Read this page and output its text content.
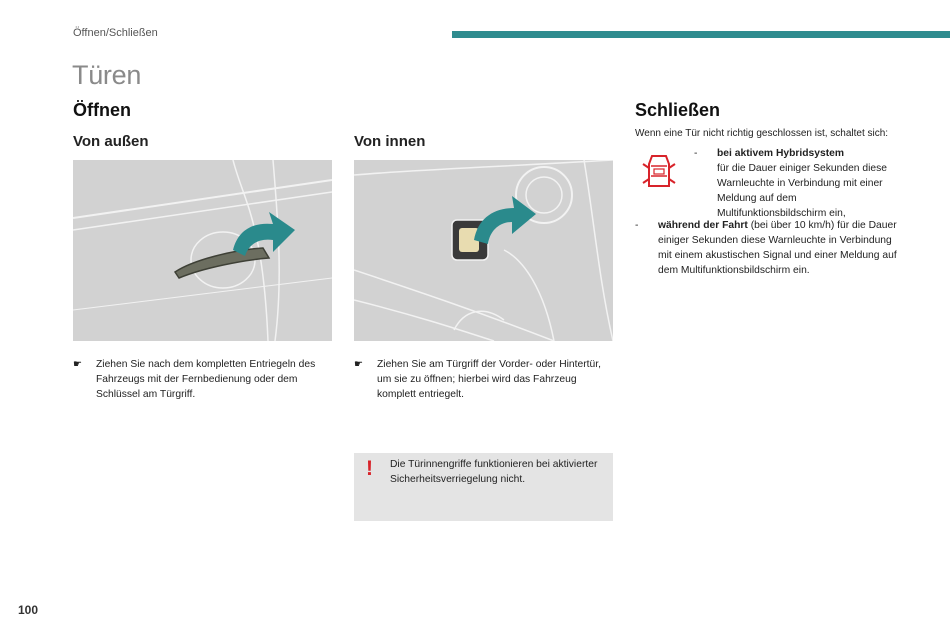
Öffnen/Schließen
Türen
Öffnen
Von außen	Von innen
☛	Ziehen Sie nach dem kompletten Entriegeln des Fahrzeugs mit der Fernbedienung oder dem Schlüssel am Türgriff.
☛	Ziehen Sie am Türgriff der Vorder- oder Hintertür, um sie zu öffnen; hierbei wird das Fahrzeug komplett entriegelt.
! Die Türinnengriffe funktionieren bei aktivierter Sicherheitsverriegelung nicht.
Schließen
Wenn eine Tür nicht richtig geschlossen ist, schaltet sich:
-	bei aktivem Hybridsystem
für die Dauer einiger Sekunden diese Warnleuchte in Verbindung mit einer Meldung auf dem Multifunktionsbildschirm ein,
-	während der Fahrt (bei über 10 km/h) für die Dauer einiger Sekunden diese Warnleuchte in Verbindung mit einem akustischen Signal und einer Meldung auf dem Multifunktionsbildschirm ein.
100
